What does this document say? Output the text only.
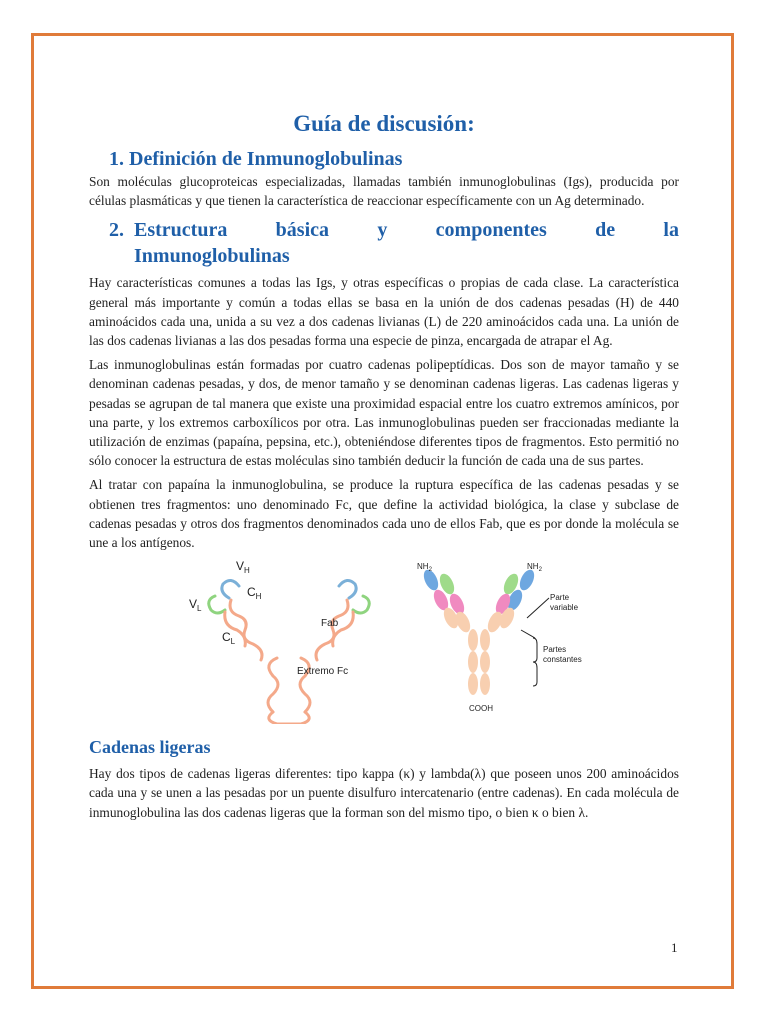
Guía de discusión:
1. Definición de Inmunoglobulinas

Son moléculas glucoproteicas especializadas, llamadas también inmunoglobulinas (Igs), producida por células plasmáticas y que tienen la característica de reaccionar específicamente con un Ag determinado.

2. Estructura básica y componentes de la
Inmunoglobulinas

Hay características comunes a todas las Igs, y otras específicas o propias de cada clase. La característica general más importante y común a todas ellas se basa en la unión de dos cadenas pesadas (H) de 440 aminoácidos cada una, unida a su vez a dos cadenas livianas (L) de 220 aminoácidos cada una. La unión de las dos cadenas livianas a las dos pesadas forma una especie de pinza, encargada de atrapar el Ag.

Las inmunoglobulinas están formadas por cuatro cadenas polipeptídicas. Dos son de mayor tamaño y se denominan cadenas pesadas, y dos, de menor tamaño y se denominan cadenas ligeras. Las cadenas ligeras y pesadas se agrupan de tal manera que existe una proximidad espacial entre los cuatro extremos amínicos, por una parte, y los extremos carboxílicos por otra. Las inmunoglobulinas pueden ser fraccionadas mediante la utilización de enzimas (papaína, pepsina, etc.), obteniéndose diferentes tipos de fragmentos. Esto permitió no sólo conocer la estructura de estas moléculas sino también deducir la función de cada una de sus partes.

Al tratar con papaína la inmunoglobulina, se produce la ruptura específica de las cadenas pesadas y se obtienen tres fragmentos: uno denominado Fc, que define la actividad biológica, la clase y subclase de cadenas pesadas y otros dos fragmentos denominados cada uno de ellos Fab, que es por donde la molécula se une a los antígenos.

$V_H$
$V_L$
$C_H$
$C_L$
Fab
Extremo Fc
$NH_2$	$NH_2$
Parte
variable
Partes
constantes
COOH
Cadenas ligeras

Hay dos tipos de cadenas ligeras diferentes: tipo kappa (κ) y lambda(λ) que poseen unos 200 aminoácidos cada una y se unen a las pesadas por un puente disulfuro intercatenario (entre cadenas). En cada molécula de inmunoglobulina las dos cadenas ligeras que la forman son del mismo tipo, o bien κ o bien λ.

1
